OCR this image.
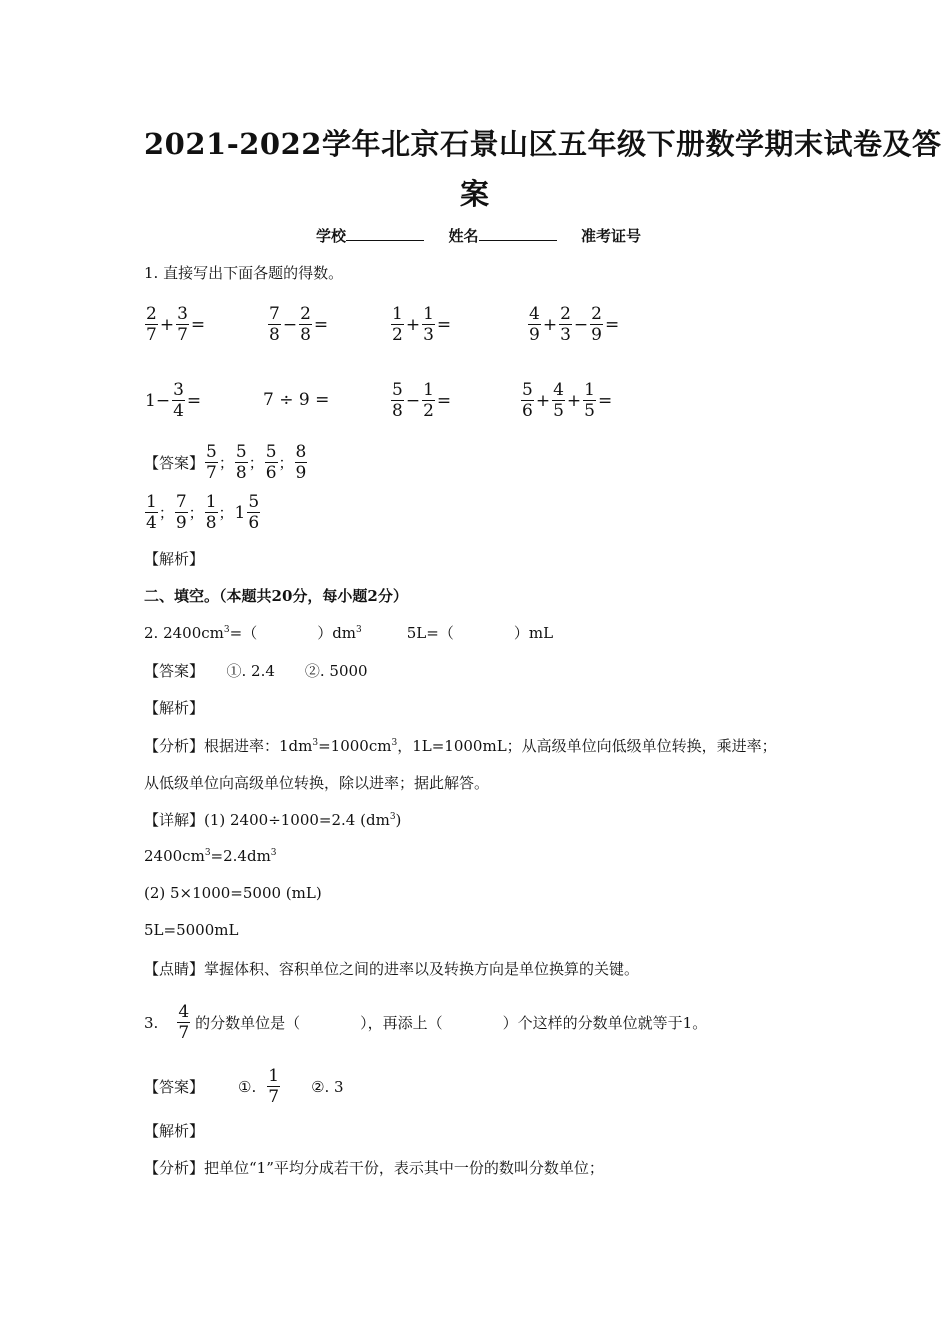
2021-2022学年北京石景山区五年级下册数学期末试卷及答
案
学校	姓名	准考证号
1. 直接写出下面各题的得数。
$\frac{2}{7} + \frac{3}{7}$ =	$\frac{7}{8} - \frac{2}{8}$ =	$\frac{1}{2} + \frac{1}{3}$ =	$\frac{4}{9} + \frac{2}{3} - \frac{2}{9}$ =
$1- \frac{3}{4}$ =	7 ÷ 9 =	$\frac{5}{8} - \frac{1}{2}$ =	$\frac{5}{6} + \frac{4}{5} + \frac{1}{5}$ =
【答案】 $\frac{5}{7}$ ； $\frac{5}{8}$ ； $\frac{5}{6}$ ； $\frac{8}{9}$
$\frac{1}{4}$ ； $\frac{7}{9}$ ； $\frac{1}{8}$ ； $1 \frac{5}{6}$
【解析】
二、填空。（本题共20分，每小题2分）
2. $2400cm^3=$（　　　　）$dm^3$　　　5L=（　　　　）mL
【答案】　　①. 2.4　　②. 5000
【解析】
【分析】根据进率：$1dm^3=1000cm^3$，1L=1000mL；从高级单位向低级单位转换，乘进率；
从低级单位向高级单位转换，除以进率；据此解答。
【详解】(1) 2400÷1000=2.4 $(dm^3)$
$2400cm^3=2.4dm^3$
(2) 5×1000=5000 (mL)
5L=5000mL
【点睛】掌握体积、容积单位之间的进率以及转换方向是单位换算的关键。
3. $\frac{4}{7}$ 的分数单位是（　　　　），再添上（　　　　）个这样的分数单位就等于1。
【答案】 ①. $\frac{1}{7}$ ②. 3
【解析】
【分析】把单位“1”平均分成若干份，表示其中一份的数叫分数单位；
